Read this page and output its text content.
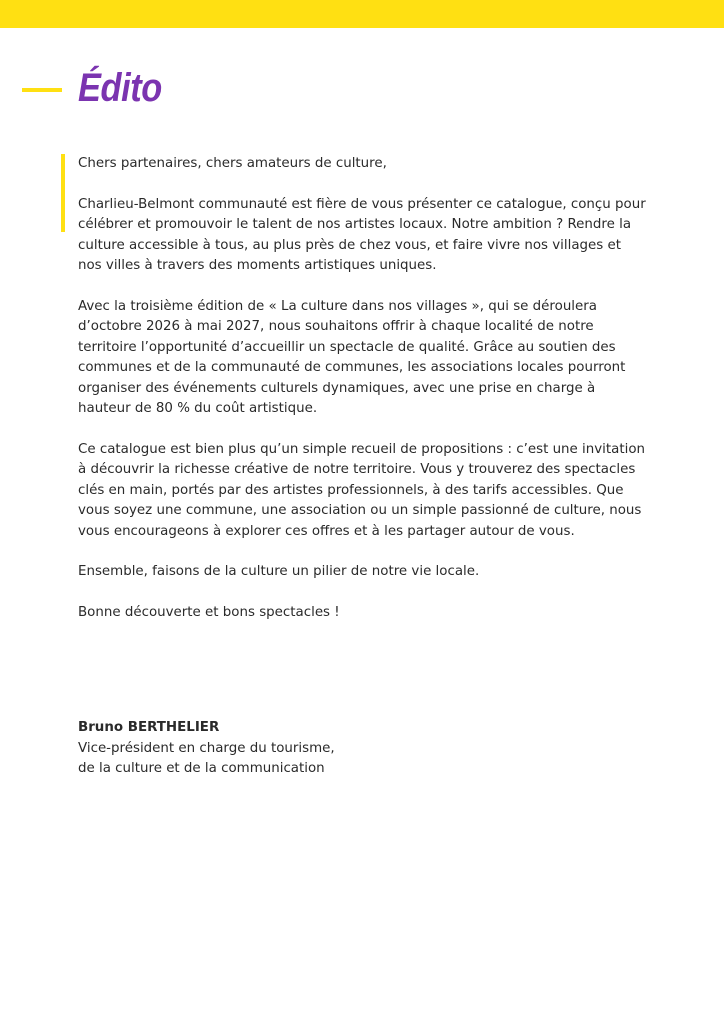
Édito

Chers partenaires, chers amateurs de culture,

Charlieu-Belmont communauté est fière de vous présenter ce catalogue, conçu pour célébrer et promouvoir le talent de nos artistes locaux. Notre ambition ? Rendre la culture accessible à tous, au plus près de chez vous, et faire vivre nos villages et nos villes à travers des moments artistiques uniques.

Avec la troisième édition de « La culture dans nos villages », qui se déroulera d’octobre 2026 à mai 2027, nous souhaitons offrir à chaque localité de notre territoire l’opportunité d’accueillir un spectacle de qualité. Grâce au soutien des communes et de la communauté de communes, les associations locales pourront organiser des événements culturels dynamiques, avec une prise en charge à hauteur de 80 % du coût artistique.

Ce catalogue est bien plus qu’un simple recueil de propositions : c’est une invitation à découvrir la richesse créative de notre territoire. Vous y trouverez des spectacles clés en main, portés par des artistes professionnels, à des tarifs accessibles. Que vous soyez une commune, une association ou un simple passionné de culture, nous vous encourageons à explorer ces offres et à les partager autour de vous.

Ensemble, faisons de la culture un pilier de notre vie locale.

Bonne découverte et bons spectacles !

Bruno BERTHELIER
Vice-président en charge du tourisme,
de la culture et de la communication
